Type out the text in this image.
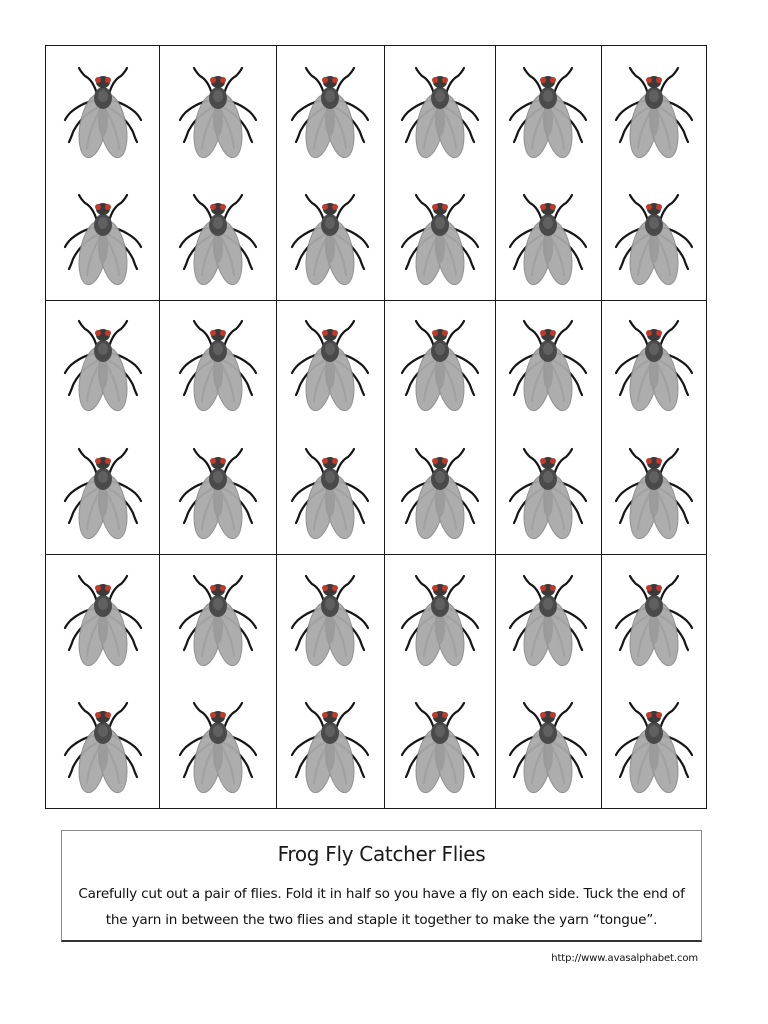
Frog Fly Catcher Flies

Carefully cut out a pair of flies. Fold it in half so you have a fly on each side. Tuck the end of the yarn in between the two flies and staple it together to make the yarn “tongue”.

http://www.avasalphabet.com
